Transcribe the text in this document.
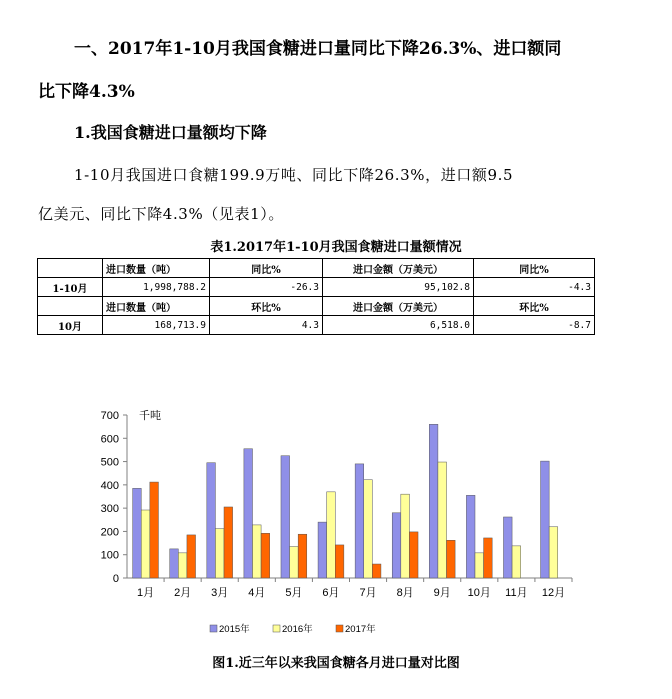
一、2017年1-10月我国食糖进口量同比下降26.3%、进口额同
比下降4.3%
1.我国食糖进口量额均下降
1-10月我国进口食糖199.9万吨、同比下降26.3%，进口额9.5
亿美元、同比下降4.3%（见表1）。
表1.2017年1-10月我国食糖进口量额情况
	进口数量（吨）	同比%	进口金额（万美元）	同比%
1-10月	1,998,788.2	-26.3	95,102.8	-4.3
	进口数量（吨）	环比%	进口金额（万美元）	环比%
10月	168,713.9	4.3	6,518.0	-8.7
0
100
200
300
400
500
600
700 千吨
1月 2月 3月 4月 5月 6月 7月 8月 9月 10月 11月 12月
2015年	2016年	2017年
图1.近三年以来我国食糖各月进口量对比图
